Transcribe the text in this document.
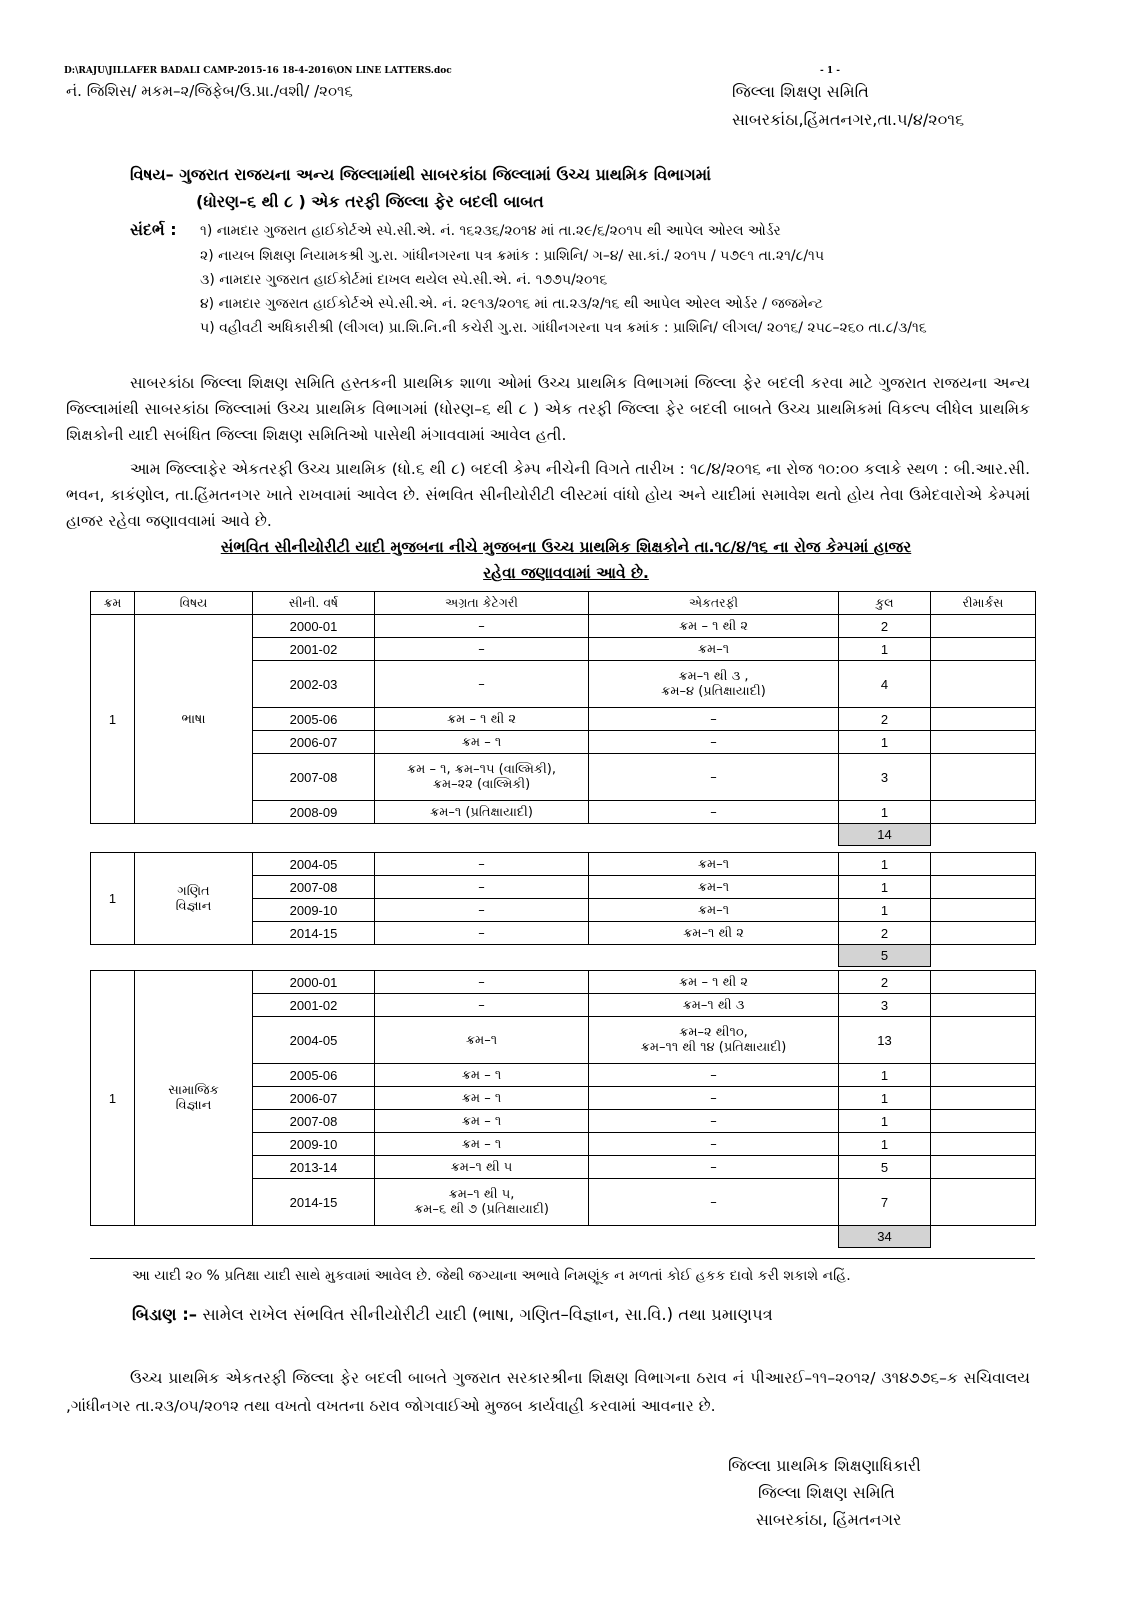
D:\RAJU\JILLAFER BADALI CAMP-2015-16 18-4-2016\ON LINE LATTERS.doc	- 1 -
નં. જિશિસ/ મકમ–૨/જિફેબ/ઉ.પ્રા./વશી/ /૨૦૧૬	જિલ્લા શિક્ષણ સમિતિ
સાબરકાંઠા,હિંમતનગર,તા.૫/૪/૨૦૧૬
વિષય– ગુજરાત રાજયના અન્ય જિલ્લામાંથી સાબરકાંઠા જિલ્લામાં ઉચ્ચ પ્રાથમિક વિભાગમાં
(ધોરણ–૬ થી ૮ ) એક તરફી જિલ્લા ફેર બદલી બાબત
સંદર્ભ : ૧) નામદાર ગુજરાત હાઈકોર્ટએ સ્પે.સી.એ. નં. ૧૬૨૩૬/૨૦૧૪ માં તા.૨૯/૬/૨૦૧૫ થી આપેલ ઓરલ ઓર્ડર
૨) નાયબ શિક્ષણ નિયામકશ્રી ગુ.રા. ગાંધીનગરના પત્ર ક્રમાંક : પ્રાશિનિ/ ગ–૪/ સા.કાં./ ૨૦૧૫ / ૫૭૯૧ તા.૨૧/૮/૧૫
૩) નામદાર ગુજરાત હાઈકોર્ટમાં દાખલ થયેલ સ્પે.સી.એ. નં. ૧૭૭૫/૨૦૧૬
૪) નામદાર ગુજરાત હાઈકોર્ટએ સ્પે.સી.એ. નં. ૨૯૧૩/૨૦૧૬ માં તા.૨૩/૨/૧૬ થી આપેલ ઓરલ ઓર્ડર / જજમેન્ટ
૫) વહીવટી અધિકારીશ્રી (લીગલ) પ્રા.શિ.નિ.ની કચેરી ગુ.રા. ગાંધીનગરના પત્ર ક્રમાંક : પ્રાશિનિ/ લીગલ/ ૨૦૧૬/ ૨૫૮–૨૬૦ તા.૮/૩/૧૬
સાબરકાંઠા જિલ્લા શિક્ષણ સમિતિ હસ્તકની પ્રાથમિક શાળા ઓમાં ઉચ્ચ પ્રાથમિક વિભાગમાં જિલ્લા ફેર બદલી કરવા માટે ગુજરાત રાજયના અન્ય જિલ્લામાંથી સાબરકાંઠા જિલ્લામાં ઉચ્ચ પ્રાથમિક વિભાગમાં (ધોરણ–૬ થી ૮ ) એક તરફી જિલ્લા ફેર બદલી બાબતે ઉચ્ચ પ્રાથમિકમાં વિકલ્પ લીધેલ પ્રાથમિક શિક્ષકોની યાદી સબંધિત જિલ્લા શિક્ષણ સમિતિઓ પાસેથી મંગાવવામાં આવેલ હતી.
આમ જિલ્લાફેર એકતરફી ઉચ્ચ પ્રાથમિક (ધો.૬ થી ૮) બદલી કેમ્પ નીચેની વિગતે તારીખ : ૧૮/૪/૨૦૧૬ ના રોજ ૧૦:૦૦ કલાકે સ્થળ : બી.આર.સી. ભવન, કાકંણોલ, તા.હિંમતનગર ખાતે રાખવામાં આવેલ છે. સંભવિત સીનીયોરીટી લીસ્ટમાં વાંધો હોય અને યાદીમાં સમાવેશ થતો હોય તેવા ઉમેદવારોએ કેમ્પમાં હાજર રહેવા જણાવવામાં આવે છે.
સંભવિત સીનીયોરીટી યાદી મુજબના નીચે મુજબના ઉચ્ચ પ્રાથમિક શિક્ષકોને તા.૧૮/૪/૧૬ ના રોજ કેમ્પમાં હાજર
રહેવા જણાવવામાં આવે છે.
ક્રમ	વિષય	સીની. વર્ષ	અગ્રતા કેટેગરી	એકતરફી	કુલ	રીમાર્કસ
1	ભાષા	2000-01	–	ક્રમ – ૧ થી ૨	2	
		2001-02	–	ક્રમ–૧	1	
		2002-03	–	ક્રમ–૧ થી ૩ ,
ક્રમ–૪ (પ્રતિક્ષાયાદી)	4	
		2005-06	ક્રમ – ૧ થી ૨	–	2	
		2006-07	ક્રમ – ૧	–	1	
		2007-08	ક્રમ – ૧, ક્રમ–૧૫ (વાલ્મિકી),
ક્રમ–૨૨ (વાલ્મિકી)	–	3	
		2008-09	ક્રમ–૧ (પ્રતિક્ષાયાદી)	–	1	
					14	
1	ગણિત
વિજ્ઞાન	2004-05	–	ક્રમ–૧	1	
		2007-08	–	ક્રમ–૧	1	
		2009-10	–	ક્રમ–૧	1	
		2014-15	–	ક્રમ–૧ થી ૨	2	
					5	
1	સામાજિક
વિજ્ઞાન	2000-01	–	ક્રમ – ૧ થી ૨	2	
		2001-02	–	ક્રમ–૧ થી ૩	3	
		2004-05	ક્રમ–૧	ક્રમ–૨ થી૧૦,
ક્રમ–૧૧ થી ૧૪ (પ્રતિક્ષાયાદી)	13	
		2005-06	ક્રમ – ૧	–	1	
		2006-07	ક્રમ – ૧	–	1	
		2007-08	ક્રમ – ૧	–	1	
		2009-10	ક્રમ – ૧	–	1	
		2013-14	ક્રમ–૧ થી ૫	–	5	
		2014-15	ક્રમ–૧ થી ૫,
ક્રમ–૬ થી ૭ (પ્રતિક્ષાયાદી)	–	7	
					34	
આ યાદી ૨૦ % પ્રતિક્ષા યાદી સાથે મુકવામાં આવેલ છે. જેથી જગ્યાના અભાવે નિમણૂંક ન મળતાં કોઈ હકક દાવો કરી શકાશે નહિં.
બિડાણ :– સામેલ રાખેલ સંભવિત સીનીયોરીટી યાદી (ભાષા, ગણિત–વિજ્ઞાન, સા.વિ.) તથા પ્રમાણપત્ર
ઉચ્ચ પ્રાથમિક એકતરફી જિલ્લા ફેર બદલી બાબતે ગુજરાત સરકારશ્રીના શિક્ષણ વિભાગના ઠરાવ નં પીઆરઈ–૧૧–૨૦૧૨/ ૩૧૪૭૭૬–ક સચિવાલય ,ગાંધીનગર તા.૨૩/૦૫/૨૦૧૨ તથા વખતો વખતના ઠરાવ જોગવાઈઓ મુજબ કાર્યવાહી કરવામાં આવનાર છે.
જિલ્લા પ્રાથમિક શિક્ષણાધિકારી
જિલ્લા શિક્ષણ સમિતિ
સાબરકાંઠા, હિંમતનગર
